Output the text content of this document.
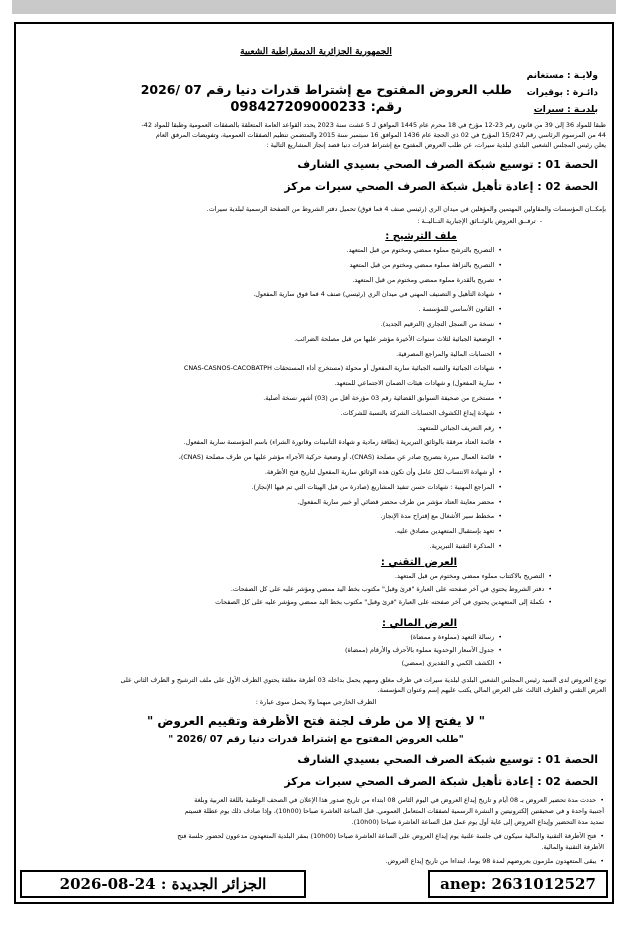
الجمهورية الجزائرية الديمقراطية الشعبية
ولايـة : مستغانم
دائـرة : بوقيرات
بلديـة : سيرات
طلب العروض المفتوح مع إشتراط قدرات دنيا رقم 07 /2026
رقم: 098427209000233
طبقا للمواد 36 إلى 39 من قانون رقم 23-12 مؤرخ في 18 محرم عام 1445 الموافق لـ 5 غشت سنة 2023 يحدد القواعد العامة المتعلقة بالصفقات العمومية وطبقا للمواد 42-
44 من المرسوم الرئاسي رقم 15/247 المؤرخ في 02 ذي الحجة عام 1436 الموافق 16 سبتمبر سنة 2015 والمتضمن تنظيم الصفقات العمومية، وتفويضات المرفق العام
يعلن رئيس المجلس الشعبي البلدي لبلدية سيرات، عن طلب العروض المفتوح مع إشتراط قدرات دنيا قصد إنجاز المشاريع التالية :
الحصة 01 : توسيع شبكة الصرف الصحي بسيدي الشارف
الحصة 02 : إعادة تأهيل شبكة الصرف الصحي سيرات مركز
بإمكــان المؤسسات والمقاولين المهتمين والمؤهلين في ميدان الري (رئيسي صنف 4 فما فوق) تحميل دفتر الشروط من الصفحة الرسمية لبلدية سيرات.
- ترفــق العروض بالوثــائق الإجبارية التــاليــة :
ملف الترشيح :
• التصريح بالترشح مملوء ممضي ومختوم من قبل المتعهد.
• التصريح بالنزاهة مملوء ممضي ومختوم من قبل المتعهد
• تصريح بالقدرة مملوء ممضي ومختوم من قبل المتعهد.
• شهادة التأهيل و التصنيف المهني في ميدان الري (رئيسي) صنف 4 فما فوق سارية المفعول.
• القانون الأساسي للمؤسسة .
• نسخة من السجل التجاري (الترقيم الجديد).
• الوضعية الجبائية لثلاث سنوات الأخيرة مؤشر عليها من قبل مصلحة الضرائب.
• الحسابات المالية والمراجع المصرفية.
• شهادات الجبائية والشبه الجبائية سارية المفعول أو محولة (مستخرج أداء المستحقات CNAS-CASNOS-CACOBATPH
• سارية المفعول) و شهادات هيئات الضمان الاجتماعي للمتعهد.
• مستخرج من صحيفة السوابق القضائية رقم 03 مؤرخة أقل من (03) أشهر نسخة أصلية.
• شهادة إيداع الكشوف الحسابات الشركة بالنسبة للشركات.
• رقم التعريف الجبائي للمتعهد.
• قائمة العتاد مرفقة بالوثائق التبريرية (بطاقة رمادية و شهادة التأمينات وفاتورة الشراء) باسم المؤسسة سارية المفعول.
• قائمة العمال مبررة بتصريح صادر عن مصلحة (CNAS)، أو وضعية حركية الأجراء مؤشر عليها من طرف مصلحة (CNAS)،
• أو شهادة الانتساب لكل عامل وأن تكون هذه الوثائق سارية المفعول لتاريخ فتح الأظرفة.
• المراجع المهنية : شهادات حسن تنفيذ المشاريع (صادرة من قبل الهيئات التي تم فيها الإنجاز).
• محضر معاينة العتاد مؤشر من طرف محضر قضائي أو خبير سارية المفعول.
• مخطط سير الأشغال مع إقتراح مدة الإنجاز.
• تعهد بإستقبال المتعهدين مصادق عليه.
• المذكرة التقنية التبريرية.
العرض التقني :
• التصريح بالاكتتاب مملوء ممضي ومختوم من قبل المتعهد.
• دفتر الشروط يحتوي في آخر صفحته على العبارة "قرئ وقبل" مكتوب بخط اليد ممضي ومؤشر عليه على كل الصفحات.
• تكملة إلى المتعهدين يحتوي في آخر صفحته على العبارة "قرئ وقبل" مكتوب بخط اليد ممضي ومؤشر عليه على كل الصفحات
العرض المالي :
• رسالة التعهد (مملوءة و ممضاة)
• جدول الأسعار الوحدوية مملوء بالأحرف والأرقام (ممضاة)
• الكشف الكمي و التقديري (ممضي)
تودع العروض لدى السيد رئيس المجلس الشعبي البلدي لبلدية سيرات في ظرف مغلق ومبهم يحمل بداخله 03 أظرفة مغلقة يحتوي الظرف الأول على ملف الترشيح و الظرف الثاني على
العرض التقني و الظرف الثالث على العرض المالي يكتب عليهم إسم وعنوان المؤسسة.
الظرف الخارجي مبهما ولا يحمل سوى عبارة :
" لا يفتح إلا من طرف لجنة فتح الأظرفة وتقييم العروض "
"طلب العروض المفتوح مع إشتراط قدرات دنيا رقم 07 /2026 "
الحصة 01 : توسيع شبكة الصرف الصحي بسيدي الشارف
الحصة 02 : إعادة تأهيل شبكة الصرف الصحي سيرات مركز
• حددت مدة تحضير العروض بـ 08 أيام و تاريخ إيداع العروض في اليوم الثامن 08 ابتداء من تاريخ صدور هذا الإعلان في الصحف الوطنية باللغة العربية وبلغة
أجنبية واحدة و في صحيفتين إلكترونيتين و النشرة الرسمية لصفقات المتعامل العمومي. قبل الساعة العاشرة صباحا (10h00)، وإذا صادف ذلك يوم عطلة فسيتم
تمديد مدة التحضير وإيداع العروض إلى غاية أول يوم عمل قبل الساعة العاشرة صباحا (10h00).
• فتح الأظرفة التقنية والمالية سيكون في جلسة علنية يوم إيداع العروض على الساعة العاشرة صباحا (10h00) بمقر البلدية المتعهدون مدعوون لحضور جلسة فتح
الأظرفة التقنية والمالية.
• يبقى المتعهدون ملزمون بعروضهم لمدة 98 يوما، ابتداءا من تاريخ إيداع العروض.
الجزائر الجديدة : 24-08-2026	anep: 2631012527
